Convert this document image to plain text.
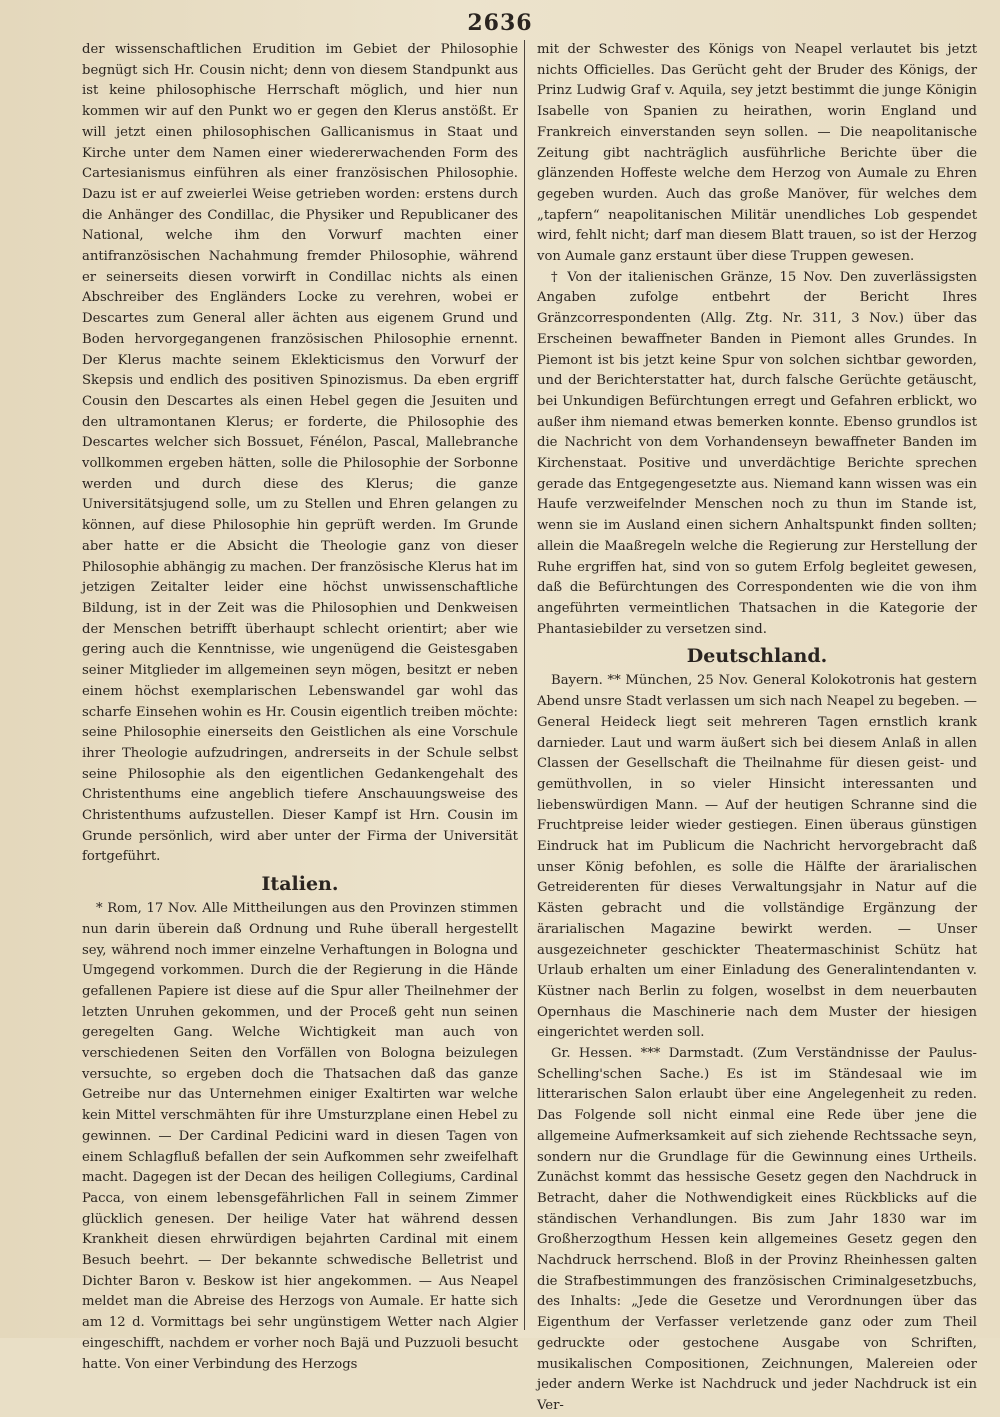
2636

der wissenschaftlichen Erudition im Gebiet der Philosophie begnügt sich Hr. Cousin nicht; denn von diesem Standpunkt aus ist keine philosophische Herrschaft möglich, und hier nun kommen wir auf den Punkt wo er gegen den Klerus anstößt. Er will jetzt einen philosophischen Gallicanismus in Staat und Kirche unter dem Namen einer wiedererwachenden Form des Cartesianismus einführen als einer französischen Philosophie. Dazu ist er auf zweierlei Weise getrieben worden: erstens durch die Anhänger des Condillac, die Physiker und Republicaner des National, welche ihm den Vorwurf machten einer antifranzösischen Nachahmung fremder Philosophie, während er seinerseits diesen vorwirft in Condillac nichts als einen Abschreiber des Engländers Locke zu verehren, wobei er Descartes zum General aller ächten aus eigenem Grund und Boden hervorgegangenen französischen Philosophie ernennt. Der Klerus machte seinem Eklekticismus den Vorwurf der Skepsis und endlich des positiven Spinozismus. Da eben ergriff Cousin den Descartes als einen Hebel gegen die Jesuiten und den ultramontanen Klerus; er forderte, die Philosophie des Descartes welcher sich Bossuet, Fénélon, Pascal, Mallebranche vollkommen ergeben hätten, solle die Philosophie der Sorbonne werden und durch diese des Klerus; die ganze Universitätsjugend solle, um zu Stellen und Ehren gelangen zu können, auf diese Philosophie hin geprüft werden. Im Grunde aber hatte er die Absicht die Theologie ganz von dieser Philosophie abhängig zu machen. Der französische Klerus hat im jetzigen Zeitalter leider eine höchst unwissenschaftliche Bildung, ist in der Zeit was die Philosophien und Denkweisen der Menschen betrifft überhaupt schlecht orientirt; aber wie gering auch die Kenntnisse, wie ungenügend die Geistesgaben seiner Mitglieder im allgemeinen seyn mögen, besitzt er neben einem höchst exemplarischen Lebenswandel gar wohl das scharfe Einsehen wohin es Hr. Cousin eigentlich treiben möchte: seine Philosophie einerseits den Geistlichen als eine Vorschule ihrer Theologie aufzudringen, andrerseits in der Schule selbst seine Philosophie als den eigentlichen Gedankengehalt des Christenthums eine angeblich tiefere Anschauungsweise des Christenthums aufzustellen. Dieser Kampf ist Hrn. Cousin im Grunde persönlich, wird aber unter der Firma der Universität fortgeführt.

Italien.

* Rom, 17 Nov. Alle Mittheilungen aus den Provinzen stimmen nun darin überein daß Ordnung und Ruhe überall hergestellt sey, während noch immer einzelne Verhaftungen in Bologna und Umgegend vorkommen. Durch die der Regierung in die Hände gefallenen Papiere ist diese auf die Spur aller Theilnehmer der letzten Unruhen gekommen, und der Proceß geht nun seinen geregelten Gang. Welche Wichtigkeit man auch von verschiedenen Seiten den Vorfällen von Bologna beizulegen versuchte, so ergeben doch die Thatsachen daß das ganze Getreibe nur das Unternehmen einiger Exaltirten war welche kein Mittel verschmähten für ihre Umsturzplane einen Hebel zu gewinnen. — Der Cardinal Pedicini ward in diesen Tagen von einem Schlagfluß befallen der sein Aufkommen sehr zweifelhaft macht. Dagegen ist der Decan des heiligen Collegiums, Cardinal Pacca, von einem lebensgefährlichen Fall in seinem Zimmer glücklich genesen. Der heilige Vater hat während dessen Krankheit diesen ehrwürdigen bejahrten Cardinal mit einem Besuch beehrt. — Der bekannte schwedische Belletrist und Dichter Baron v. Beskow ist hier angekommen. — Aus Neapel meldet man die Abreise des Herzogs von Aumale. Er hatte sich am 12 d. Vormittags bei sehr ungünstigem Wetter nach Algier eingeschifft, nachdem er vorher noch Bajä und Puzzuoli besucht hatte. Von einer Verbindung des Herzogs

mit der Schwester des Königs von Neapel verlautet bis jetzt nichts Officielles. Das Gerücht geht der Bruder des Königs, der Prinz Ludwig Graf v. Aquila, sey jetzt bestimmt die junge Königin Isabelle von Spanien zu heirathen, worin England und Frankreich einverstanden seyn sollen. — Die neapolitanische Zeitung gibt nachträglich ausführliche Berichte über die glänzenden Hoffeste welche dem Herzog von Aumale zu Ehren gegeben wurden. Auch das große Manöver, für welches dem „tapfern“ neapolitanischen Militär unendliches Lob gespendet wird, fehlt nicht; darf man diesem Blatt trauen, so ist der Herzog von Aumale ganz erstaunt über diese Truppen gewesen.

† Von der italienischen Gränze, 15 Nov. Den zuverlässigsten Angaben zufolge entbehrt der Bericht Ihres Gränzcorrespondenten (Allg. Ztg. Nr. 311, 3 Nov.) über das Erscheinen bewaffneter Banden in Piemont alles Grundes. In Piemont ist bis jetzt keine Spur von solchen sichtbar geworden, und der Berichterstatter hat, durch falsche Gerüchte getäuscht, bei Unkundigen Befürchtungen erregt und Gefahren erblickt, wo außer ihm niemand etwas bemerken konnte. Ebenso grundlos ist die Nachricht von dem Vorhandenseyn bewaffneter Banden im Kirchenstaat. Positive und unverdächtige Berichte sprechen gerade das Entgegengesetzte aus. Niemand kann wissen was ein Haufe verzweifelnder Menschen noch zu thun im Stande ist, wenn sie im Ausland einen sichern Anhaltspunkt finden sollten; allein die Maaßregeln welche die Regierung zur Herstellung der Ruhe ergriffen hat, sind von so gutem Erfolg begleitet gewesen, daß die Befürchtungen des Correspondenten wie die von ihm angeführten vermeintlichen Thatsachen in die Kategorie der Phantasiebilder zu versetzen sind.

Deutschland.

Bayern. ** München, 25 Nov. General Kolokotronis hat gestern Abend unsre Stadt verlassen um sich nach Neapel zu begeben. — General Heideck liegt seit mehreren Tagen ernstlich krank darnieder. Laut und warm äußert sich bei diesem Anlaß in allen Classen der Gesellschaft die Theilnahme für diesen geist- und gemüthvollen, in so vieler Hinsicht interessanten und liebenswürdigen Mann. — Auf der heutigen Schranne sind die Fruchtpreise leider wieder gestiegen. Einen überaus günstigen Eindruck hat im Publicum die Nachricht hervorgebracht daß unser König befohlen, es solle die Hälfte der ärarialischen Getreiderenten für dieses Verwaltungsjahr in Natur auf die Kästen gebracht und die vollständige Ergänzung der ärarialischen Magazine bewirkt werden. — Unser ausgezeichneter geschickter Theatermaschinist Schütz hat Urlaub erhalten um einer Einladung des Generalintendanten v. Küstner nach Berlin zu folgen, woselbst in dem neuerbauten Opernhaus die Maschinerie nach dem Muster der hiesigen eingerichtet werden soll.

Gr. Hessen. *** Darmstadt. (Zum Verständnisse der Paulus-Schelling'schen Sache.) Es ist im Ständesaal wie im litterarischen Salon erlaubt über eine Angelegenheit zu reden. Das Folgende soll nicht einmal eine Rede über jene die allgemeine Aufmerksamkeit auf sich ziehende Rechtssache seyn, sondern nur die Grundlage für die Gewinnung eines Urtheils. Zunächst kommt das hessische Gesetz gegen den Nachdruck in Betracht, daher die Nothwendigkeit eines Rückblicks auf die ständischen Verhandlungen. Bis zum Jahr 1830 war im Großherzogthum Hessen kein allgemeines Gesetz gegen den Nachdruck herrschend. Bloß in der Provinz Rheinhessen galten die Strafbestimmungen des französischen Criminalgesetzbuchs, des Inhalts: „Jede die Gesetze und Verordnungen über das Eigenthum der Verfasser verletzende ganz oder zum Theil gedruckte oder gestochene Ausgabe von Schriften, musikalischen Compositionen, Zeichnungen, Malereien oder jeder andern Werke ist Nachdruck und jeder Nachdruck ist ein Ver-
